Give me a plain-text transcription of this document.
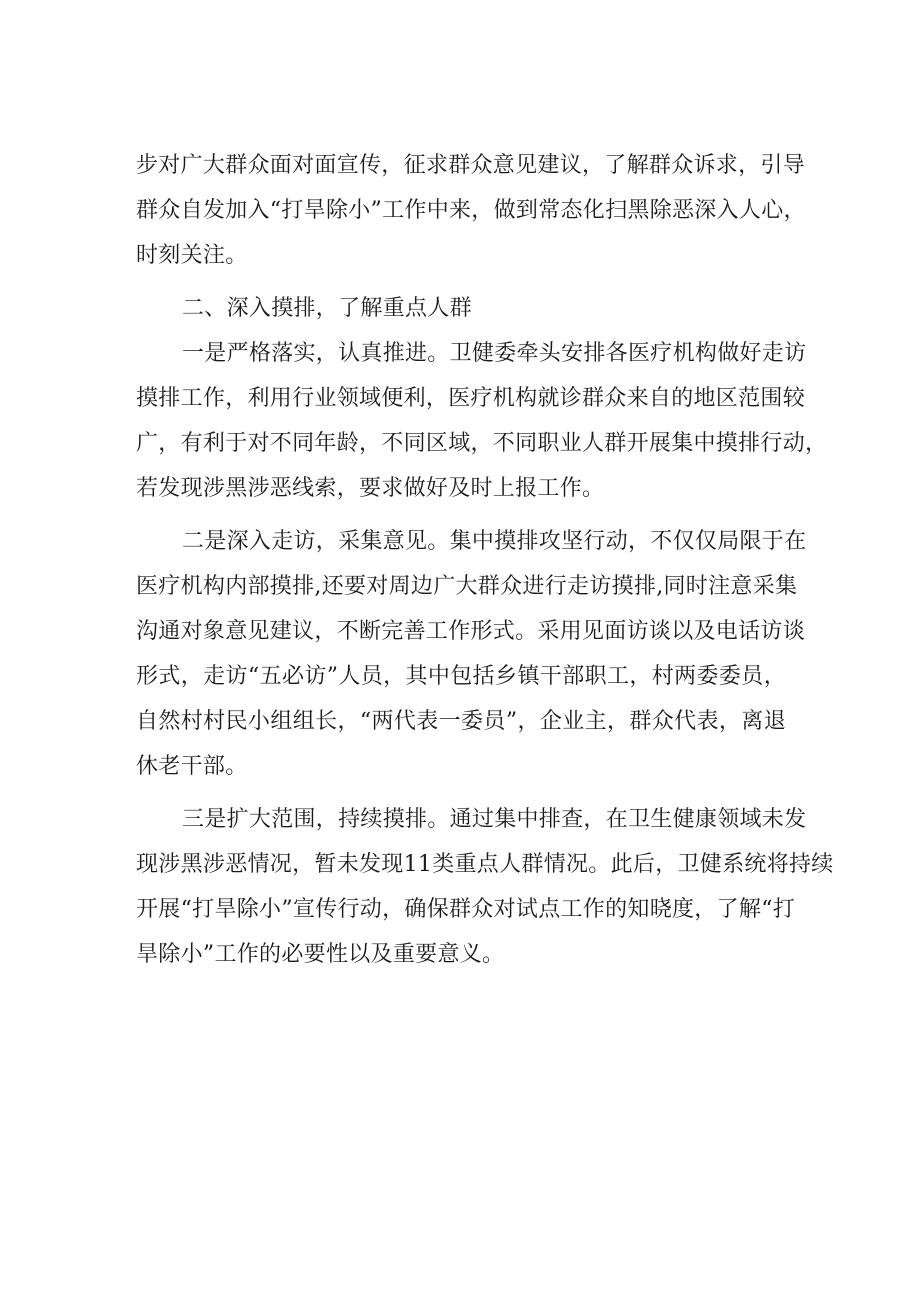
步对广大群众面对面宣传，征求群众意见建议，了解群众诉求，引导
群众自发加入“打旱除小”工作中来，做到常态化扫黑除恶深入人心，
时刻关注。

二、深入摸排，了解重点人群

一是严格落实，认真推进。卫健委牵头安排各医疗机构做好走访
摸排工作，利用行业领域便利，医疗机构就诊群众来自的地区范围较
广，有利于对不同年龄，不同区域，不同职业人群开展集中摸排行动，
若发现涉黑涉恶线索，要求做好及时上报工作。

二是深入走访，采集意见。集中摸排攻坚行动，不仅仅局限于在
医疗机构内部摸排,还要对周边广大群众进行走访摸排,同时注意采集
沟通对象意见建议，不断完善工作形式。采用见面访谈以及电话访谈
形式，走访“五必访”人员，其中包括乡镇干部职工，村两委委员，
自然村村民小组组长，“两代表一委员”，企业主，群众代表，离退
休老干部。

三是扩大范围，持续摸排。通过集中排查，在卫生健康领域未发
现涉黑涉恶情况，暂未发现11类重点人群情况。此后，卫健系统将持续
开展“打旱除小”宣传行动，确保群众对试点工作的知晓度，了解“打
旱除小”工作的必要性以及重要意义。
